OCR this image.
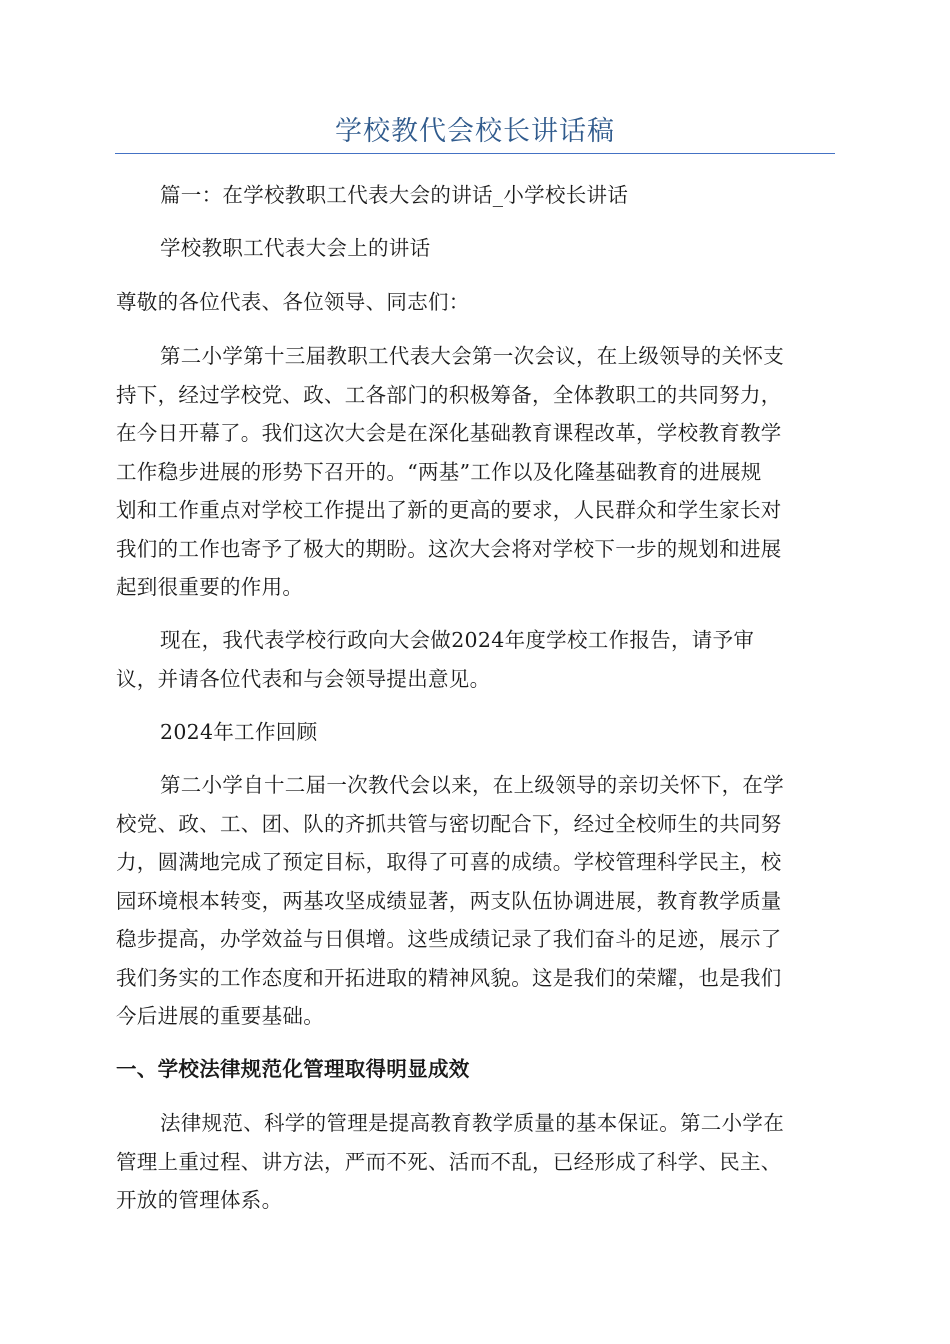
学校教代会校长讲话稿

篇一：在学校教职工代表大会的讲话_小学校长讲话

学校教职工代表大会上的讲话

尊敬的各位代表、各位领导、同志们：

第二小学第十三届教职工代表大会第一次会议，在上级领导的关怀支
持下，经过学校党、政、工各部门的积极筹备，全体教职工的共同努力，
在今日开幕了。我们这次大会是在深化基础教育课程改革，学校教育教学
工作稳步进展的形势下召开的。“两基”工作以及化隆基础教育的进展规
划和工作重点对学校工作提出了新的更高的要求，人民群众和学生家长对
我们的工作也寄予了极大的期盼。这次大会将对学校下一步的规划和进展
起到很重要的作用。
现在，我代表学校行政向大会做2024年度学校工作报告，请予审
议，并请各位代表和与会领导提出意见。

2024年工作回顾

第二小学自十二届一次教代会以来，在上级领导的亲切关怀下，在学
校党、政、工、团、队的齐抓共管与密切配合下，经过全校师生的共同努
力，圆满地完成了预定目标，取得了可喜的成绩。学校管理科学民主，校
园环境根本转变，两基攻坚成绩显著，两支队伍协调进展，教育教学质量
稳步提高，办学效益与日俱增。这些成绩记录了我们奋斗的足迹，展示了
我们务实的工作态度和开拓进取的精神风貌。这是我们的荣耀，也是我们
今后进展的重要基础。

一、学校法律规范化管理取得明显成效

法律规范、科学的管理是提高教育教学质量的基本保证。第二小学在
管理上重过程、讲方法，严而不死、活而不乱，已经形成了科学、民主、
开放的管理体系。
